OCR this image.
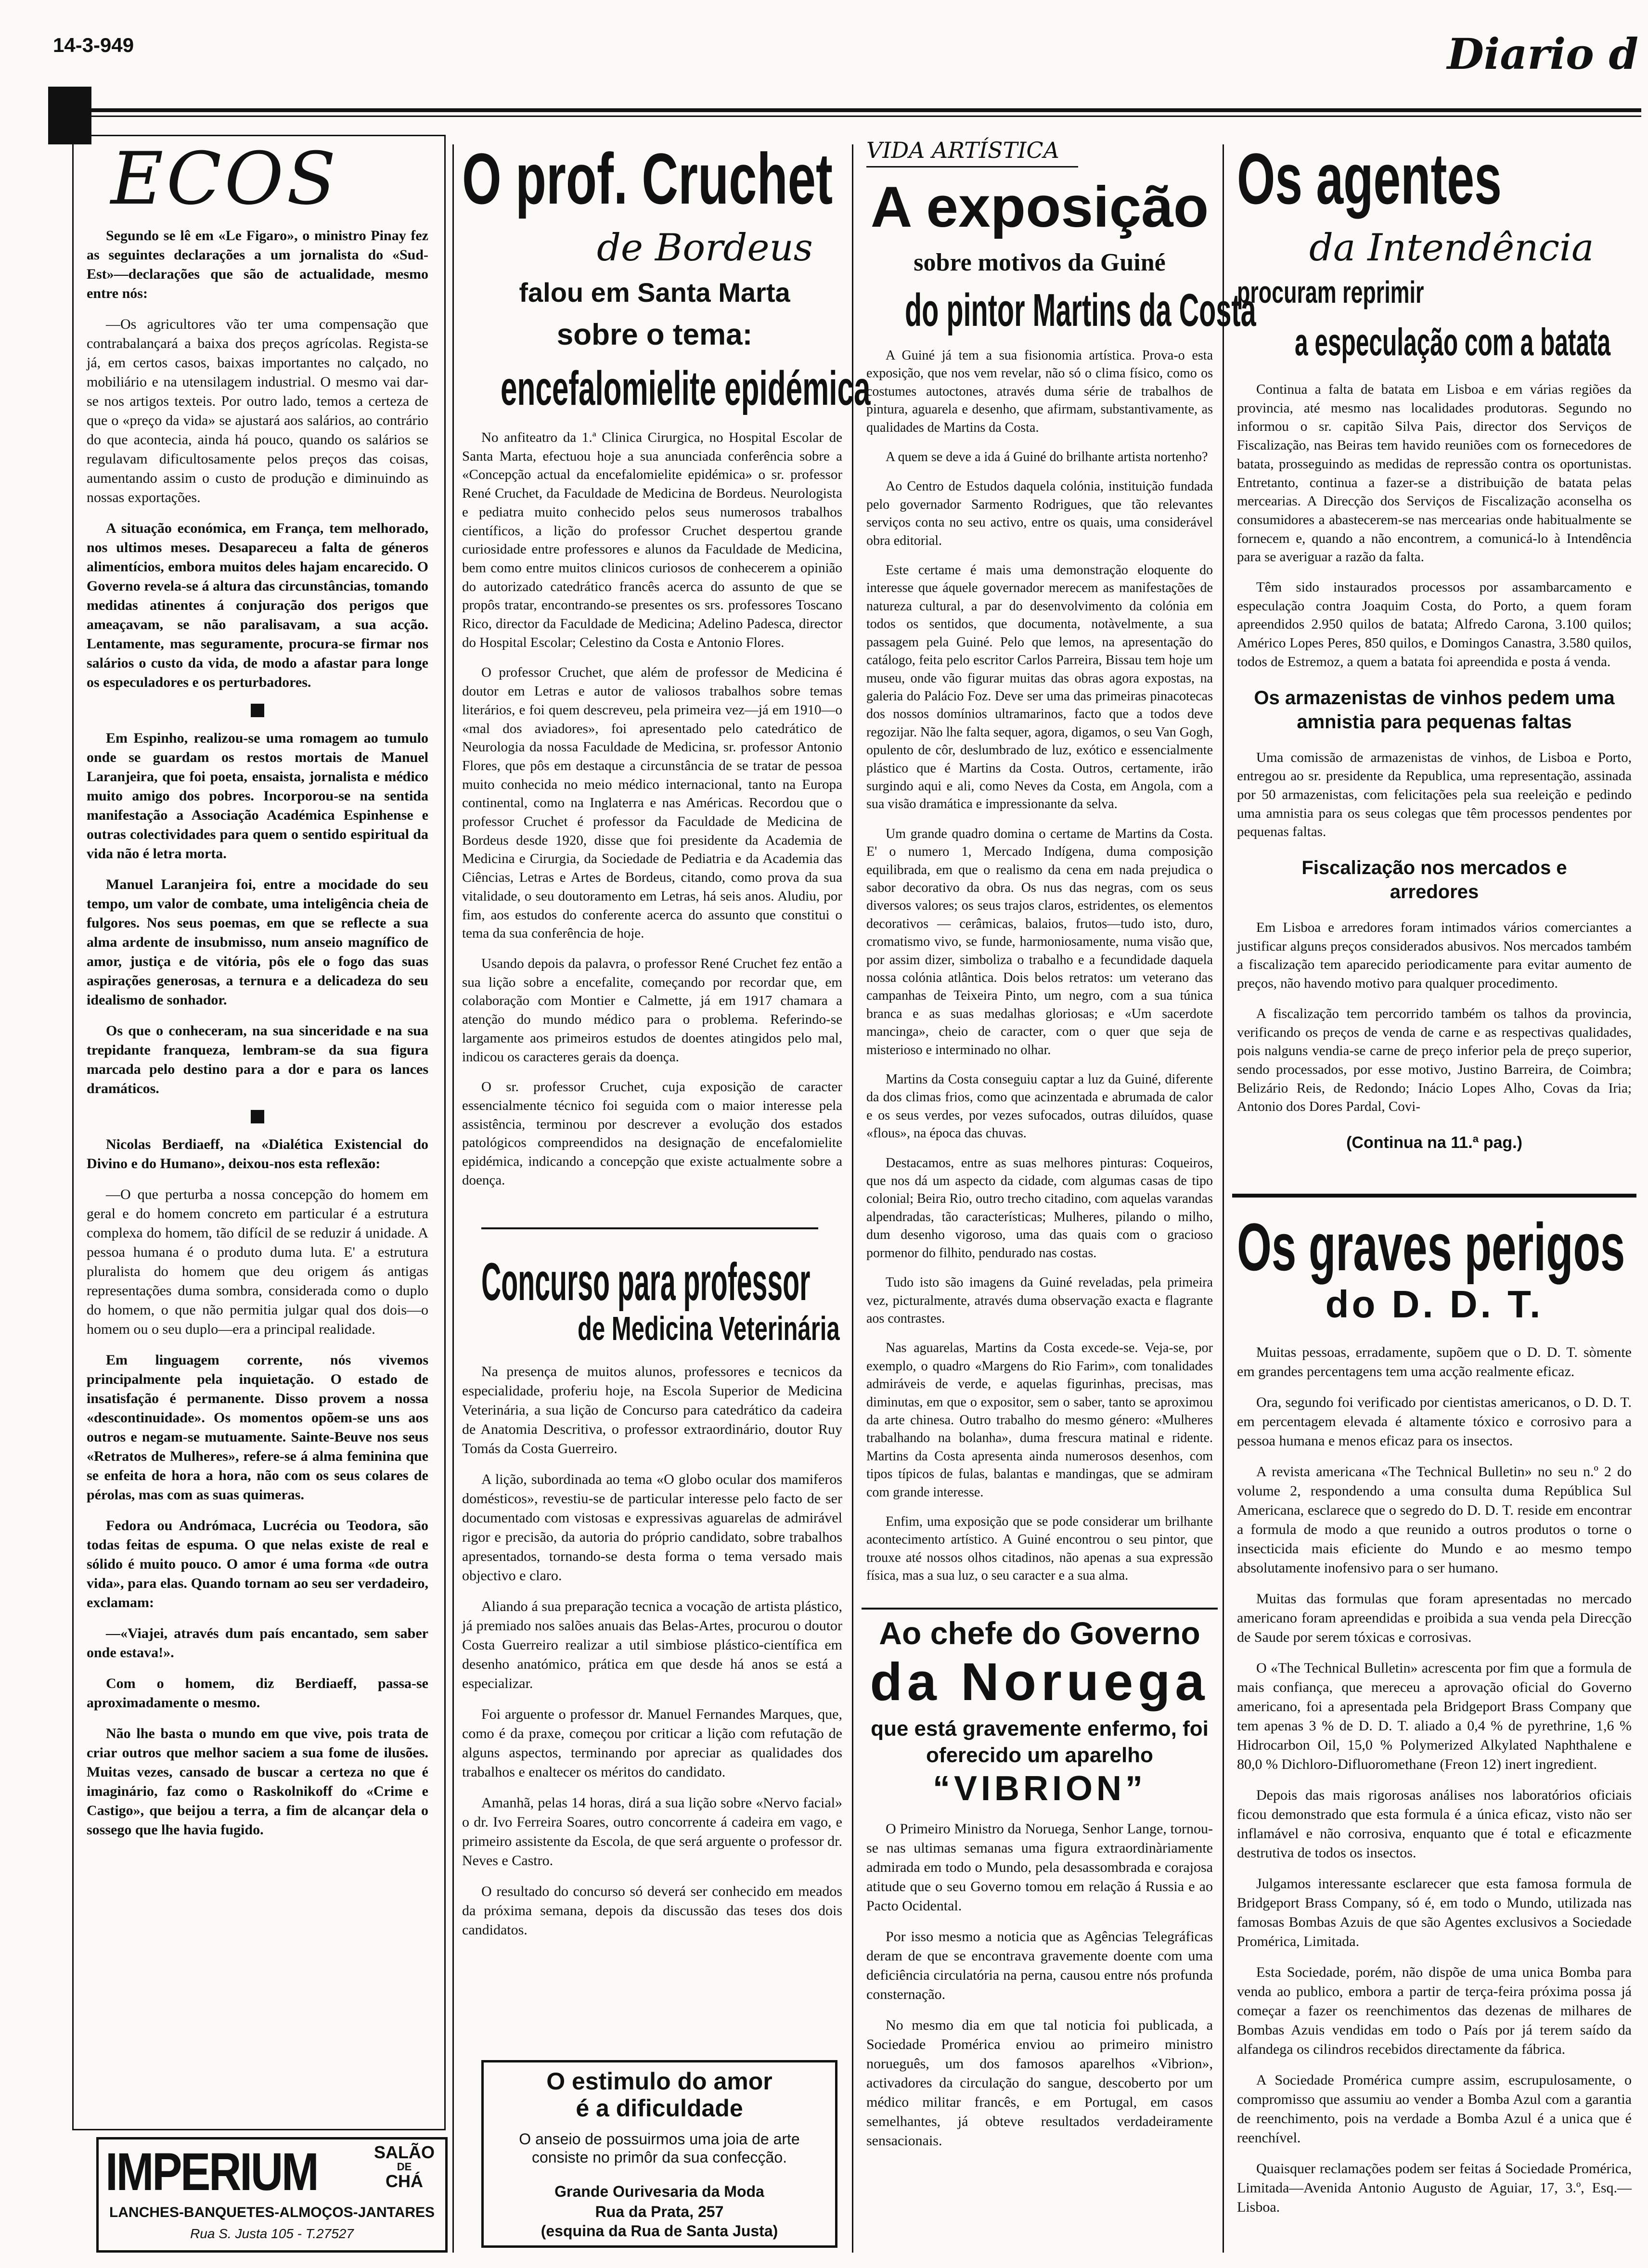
14-3-949	Diario d
ECOS

Segundo se lê em «Le Figaro», o ministro Pinay fez as seguintes declarações a um jornalista do «Sud-Est»—declarações que são de actualidade, mesmo entre nós:

—Os agricultores vão ter uma compensação que contrabalançará a baixa dos preços agrícolas. Regista-se já, em certos casos, baixas importantes no calçado, no mobiliário e na utensilagem industrial. O mesmo vai dar-se nos artigos texteis. Por outro lado, temos a certeza de que o «preço da vida» se ajustará aos salários, ao contrário do que acontecia, ainda há pouco, quando os salários se regulavam dificultosamente pelos preços das coisas, aumentando assim o custo de produção e diminuindo as nossas exportações.

A situação económica, em França, tem melhorado, nos ultimos meses. Desapareceu a falta de géneros alimentícios, embora muitos deles hajam encarecido. O Governo revela-se á altura das circunstâncias, tomando medidas atinentes á conjuração dos perigos que ameaçavam, se não paralisavam, a sua acção. Lentamente, mas seguramente, procura-se firmar nos salários o custo da vida, de modo a afastar para longe os especuladores e os perturbadores.

Em Espinho, realizou-se uma romagem ao tumulo onde se guardam os restos mortais de Manuel Laranjeira, que foi poeta, ensaista, jornalista e médico muito amigo dos pobres. Incorporou-se na sentida manifestação a Associação Académica Espinhense e outras colectividades para quem o sentido espiritual da vida não é letra morta.

Manuel Laranjeira foi, entre a mocidade do seu tempo, um valor de combate, uma inteligência cheia de fulgores. Nos seus poemas, em que se reflecte a sua alma ardente de insubmisso, num anseio magnífico de amor, justiça e de vitória, pôs ele o fogo das suas aspirações generosas, a ternura e a delicadeza do seu idealismo de sonhador.

Os que o conheceram, na sua sinceridade e na sua trepidante franqueza, lembram-se da sua figura marcada pelo destino para a dor e para os lances dramáticos.

Nicolas Berdiaeff, na «Dialética Existencial do Divino e do Humano», deixou-nos esta reflexão:

—O que perturba a nossa concepção do homem em geral e do homem concreto em particular é a estrutura complexa do homem, tão difícil de se reduzir á unidade. A pessoa humana é o produto duma luta. E' a estrutura pluralista do homem que deu origem ás antigas representações duma sombra, considerada como o duplo do homem, o que não permitia julgar qual dos dois—o homem ou o seu duplo—era a principal realidade.

Em linguagem corrente, nós vivemos principalmente pela inquietação. O estado de insatisfação é permanente. Disso provem a nossa «descontinuidade». Os momentos opõem-se uns aos outros e negam-se mutuamente. Sainte-Beuve nos seus «Retratos de Mulheres», refere-se á alma feminina que se enfeita de hora a hora, não com os seus colares de pérolas, mas com as suas quimeras.

Fedora ou Andrómaca, Lucrécia ou Teodora, são todas feitas de espuma. O que nelas existe de real e sólido é muito pouco. O amor é uma forma «de outra vida», para elas. Quando tornam ao seu ser verdadeiro, exclamam:

—«Viajei, através dum país encantado, sem saber onde estava!».

Com o homem, diz Berdiaeff, passa-se aproximadamente o mesmo.

Não lhe basta o mundo em que vive, pois trata de criar outros que melhor saciem a sua fome de ilusões. Muitas vezes, cansado de buscar a certeza no que é imaginário, faz como o Raskolnikoff do «Crime e Castigo», que beijou a terra, a fim de alcançar dela o sossego que lhe havia fugido.

IMPERIUM	SALÃO
DE
CHÁ
LANCHES-BANQUETES-ALMOÇOS-JANTARES
Rua S. Justa 105 - T.27527
O prof. Cruchet
de Bordeus
falou em Santa Marta
sobre o tema:
encefalomielite epidémica

No anfiteatro da 1.ª Clinica Cirurgica, no Hospital Escolar de Santa Marta, efectuou hoje a sua anunciada conferência sobre a «Concepção actual da encefalomielite epidémica» o sr. professor René Cruchet, da Faculdade de Medicina de Bordeus. Neurologista e pediatra muito conhecido pelos seus numerosos trabalhos científicos, a lição do professor Cruchet despertou grande curiosidade entre professores e alunos da Faculdade de Medicina, bem como entre muitos clinicos curiosos de conhecerem a opinião do autorizado catedrático francês acerca do assunto de que se propôs tratar, encontrando-se presentes os srs. professores Toscano Rico, director da Faculdade de Medicina; Adelino Padesca, director do Hospital Escolar; Celestino da Costa e Antonio Flores.

O professor Cruchet, que além de professor de Medicina é doutor em Letras e autor de valiosos trabalhos sobre temas literários, e foi quem descreveu, pela primeira vez—já em 1910—o «mal dos aviadores», foi apresentado pelo catedrático de Neurologia da nossa Faculdade de Medicina, sr. professor Antonio Flores, que pôs em destaque a circunstância de se tratar de pessoa muito conhecida no meio médico internacional, tanto na Europa continental, como na Inglaterra e nas Américas. Recordou que o professor Cruchet é professor da Faculdade de Medicina de Bordeus desde 1920, disse que foi presidente da Academia de Medicina e Cirurgia, da Sociedade de Pediatria e da Academia das Ciências, Letras e Artes de Bordeus, citando, como prova da sua vitalidade, o seu doutoramento em Letras, há seis anos. Aludiu, por fim, aos estudos do conferente acerca do assunto que constitui o tema da sua conferência de hoje.

Usando depois da palavra, o professor René Cruchet fez então a sua lição sobre a encefalite, começando por recordar que, em colaboração com Montier e Calmette, já em 1917 chamara a atenção do mundo médico para o problema. Referindo-se largamente aos primeiros estudos de doentes atingidos pelo mal, indicou os caracteres gerais da doença.

O sr. professor Cruchet, cuja exposição de caracter essencialmente técnico foi seguida com o maior interesse pela assistência, terminou por descrever a evolução dos estados patológicos compreendidos na designação de encefalomielite epidémica, indicando a concepção que existe actualmente sobre a doença.

Concurso para professor
de Medicina Veterinária

Na presença de muitos alunos, professores e tecnicos da especialidade, proferiu hoje, na Escola Superior de Medicina Veterinária, a sua lição de Concurso para catedrático da cadeira de Anatomia Descritiva, o professor extraordinário, doutor Ruy Tomás da Costa Guerreiro.

A lição, subordinada ao tema «O globo ocular dos mamiferos domésticos», revestiu-se de particular interesse pelo facto de ser documentado com vistosas e expressivas aguarelas de admirável rigor e precisão, da autoria do próprio candidato, sobre trabalhos apresentados, tornando-se desta forma o tema versado mais objectivo e claro.

Aliando á sua preparação tecnica a vocação de artista plástico, já premiado nos salões anuais das Belas-Artes, procurou o doutor Costa Guerreiro realizar a util simbiose plástico-científica em desenho anatómico, prática em que desde há anos se está a especializar.

Foi arguente o professor dr. Manuel Fernandes Marques, que, como é da praxe, começou por criticar a lição com refutação de alguns aspectos, terminando por apreciar as qualidades dos trabalhos e enaltecer os méritos do candidato.

Amanhã, pelas 14 horas, dirá a sua lição sobre «Nervo facial» o dr. Ivo Ferreira Soares, outro concorrente á cadeira em vago, e primeiro assistente da Escola, de que será arguente o professor dr. Neves e Castro.

O resultado do concurso só deverá ser conhecido em meados da próxima semana, depois da discussão das teses dos dois candidatos.

O estimulo do amor
é a dificuldade
O anseio de possuirmos uma joia de arte consiste no primôr da sua confecção.
Grande Ourivesaria da Moda
Rua da Prata, 257
(esquina da Rua de Santa Justa)
VIDA ARTÍSTICA
A exposição
sobre motivos da Guiné
do pintor Martins da Costa

A Guiné já tem a sua fisionomia artística. Prova-o esta exposição, que nos vem revelar, não só o clima físico, como os costumes autoctones, através duma série de trabalhos de pintura, aguarela e desenho, que afirmam, substantivamente, as qualidades de Martins da Costa.

A quem se deve a ida á Guiné do brilhante artista nortenho?

Ao Centro de Estudos daquela colónia, instituição fundada pelo governador Sarmento Rodrigues, que tão relevantes serviços conta no seu activo, entre os quais, uma considerável obra editorial.

Este certame é mais uma demonstração eloquente do interesse que áquele governador merecem as manifestações de natureza cultural, a par do desenvolvimento da colónia em todos os sentidos, que documenta, notàvelmente, a sua passagem pela Guiné. Pelo que lemos, na apresentação do catálogo, feita pelo escritor Carlos Parreira, Bissau tem hoje um museu, onde vão figurar muitas das obras agora expostas, na galeria do Palácio Foz. Deve ser uma das primeiras pinacotecas dos nossos domínios ultramarinos, facto que a todos deve regozijar. Não lhe falta sequer, agora, digamos, o seu Van Gogh, opulento de côr, deslumbrado de luz, exótico e essencialmente plástico que é Martins da Costa. Outros, certamente, irão surgindo aqui e ali, como Neves da Costa, em Angola, com a sua visão dramática e impressionante da selva.

Um grande quadro domina o certame de Martins da Costa. E' o numero 1, Mercado Indígena, duma composição equilibrada, em que o realismo da cena em nada prejudica o sabor decorativo da obra. Os nus das negras, com os seus diversos valores; os seus trajos claros, estridentes, os elementos decorativos — cerâmicas, balaios, frutos—tudo isto, duro, cromatismo vivo, se funde, harmoniosamente, numa visão que, por assim dizer, simboliza o trabalho e a fecundidade daquela nossa colónia atlântica. Dois belos retratos: um veterano das campanhas de Teixeira Pinto, um negro, com a sua túnica branca e as suas medalhas gloriosas; e «Um sacerdote mancinga», cheio de caracter, com o quer que seja de misterioso e interminado no olhar.

Martins da Costa conseguiu captar a luz da Guiné, diferente da dos climas frios, como que acinzentada e abrumada de calor e os seus verdes, por vezes sufocados, outras diluídos, quase «flous», na época das chuvas.

Destacamos, entre as suas melhores pinturas: Coqueiros, que nos dá um aspecto da cidade, com algumas casas de tipo colonial; Beira Rio, outro trecho citadino, com aquelas varandas alpendradas, tão características; Mulheres, pilando o milho, dum desenho vigoroso, uma das quais com o gracioso pormenor do filhito, pendurado nas costas.

Tudo isto são imagens da Guiné reveladas, pela primeira vez, picturalmente, através duma observação exacta e flagrante aos contrastes.

Nas aguarelas, Martins da Costa excede-se. Veja-se, por exemplo, o quadro «Margens do Rio Farim», com tonalidades admiráveis de verde, e aquelas figurinhas, precisas, mas diminutas, em que o expositor, sem o saber, tanto se aproximou da arte chinesa. Outro trabalho do mesmo género: «Mulheres trabalhando na bolanha», duma frescura matinal e ridente. Martins da Costa apresenta ainda numerosos desenhos, com tipos típicos de fulas, balantas e mandingas, que se admiram com grande interesse.

Enfim, uma exposição que se pode considerar um brilhante acontecimento artístico. A Guiné encontrou o seu pintor, que trouxe até nossos olhos citadinos, não apenas a sua expressão física, mas a sua luz, o seu caracter e a sua alma.

Ao chefe do Governo
da Noruega
que está gravemente enfermo, foi
oferecido um aparelho
“VIBRION”

O Primeiro Ministro da Noruega, Senhor Lange, tornou-se nas ultimas semanas uma figura extraordinàriamente admirada em todo o Mundo, pela desassombrada e corajosa atitude que o seu Governo tomou em relação á Russia e ao Pacto Ocidental.

Por isso mesmo a noticia que as Agências Telegráficas deram de que se encontrava gravemente doente com uma deficiência circulatória na perna, causou entre nós profunda consternação.

No mesmo dia em que tal noticia foi publicada, a Sociedade Promérica enviou ao primeiro ministro norueguês, um dos famosos aparelhos «Vibrion», activadores da circulação do sangue, descoberto por um médico militar francês, e em Portugal, em casos semelhantes, já obteve resultados verdadeiramente sensacionais.

Os agentes
da Intendência
procuram reprimir
a especulação com a batata

Continua a falta de batata em Lisboa e em várias regiões da provincia, até mesmo nas localidades produtoras. Segundo no informou o sr. capitão Silva Pais, director dos Serviços de Fiscalização, nas Beiras tem havido reuniões com os fornecedores de batata, prosseguindo as medidas de repressão contra os oportunistas. Entretanto, continua a fazer-se a distribuição de batata pelas mercearias. A Direcção dos Serviços de Fiscalização aconselha os consumidores a abastecerem-se nas mercearias onde habitualmente se fornecem e, quando a não encontrem, a comunicá-lo à Intendência para se averiguar a razão da falta.

Têm sido instaurados processos por assambarcamento e especulação contra Joaquim Costa, do Porto, a quem foram apreendidos 2.950 quilos de batata; Alfredo Carona, 3.100 quilos; Américo Lopes Peres, 850 quilos, e Domingos Canastra, 3.580 quilos, todos de Estremoz, a quem a batata foi apreendida e posta á venda.

Os armazenistas de vinhos pedem uma amnistia para pequenas faltas

Uma comissão de armazenistas de vinhos, de Lisboa e Porto, entregou ao sr. presidente da Republica, uma representação, assinada por 50 armazenistas, com felicitações pela sua reeleição e pedindo uma amnistia para os seus colegas que têm processos pendentes por pequenas faltas.

Fiscalização nos mercados e arredores

Em Lisboa e arredores foram intimados vários comerciantes a justificar alguns preços considerados abusivos. Nos mercados também a fiscalização tem aparecido periodicamente para evitar aumento de preços, não havendo motivo para qualquer procedimento.

A fiscalização tem percorrido também os talhos da provincia, verificando os preços de venda de carne e as respectivas qualidades, pois nalguns vendia-se carne de preço inferior pela de preço superior, sendo processados, por esse motivo, Justino Barreira, de Coimbra; Belizário Reis, de Redondo; Inácio Lopes Alho, Covas da Iria; Antonio dos Dores Pardal, Covi-

(Continua na 11.ª pag.)
Os graves perigos
do D. D. T.

Muitas pessoas, erradamente, supõem que o D. D. T. sòmente em grandes percentagens tem uma acção realmente eficaz.

Ora, segundo foi verificado por cientistas americanos, o D. D. T. em percentagem elevada é altamente tóxico e corrosivo para a pessoa humana e menos eficaz para os insectos.

A revista americana «The Technical Bulletin» no seu n.º 2 do volume 2, respondendo a uma consulta duma República Sul Americana, esclarece que o segredo do D. D. T. reside em encontrar a formula de modo a que reunido a outros produtos o torne o insecticida mais eficiente do Mundo e ao mesmo tempo absolutamente inofensivo para o ser humano.

Muitas das formulas que foram apresentadas no mercado americano foram apreendidas e proibida a sua venda pela Direcção de Saude por serem tóxicas e corrosivas.

O «The Technical Bulletin» acrescenta por fim que a formula de mais confiança, que mereceu a aprovação oficial do Governo americano, foi a apresentada pela Bridgeport Brass Company que tem apenas 3 % de D. D. T. aliado a 0,4 % de pyrethrine, 1,6 % Hidrocarbon Oil, 15,0 % Polymerized Alkylated Naphthalene e 80,0 % Dichloro-Difluoromethane (Freon 12) inert ingredient.

Depois das mais rigorosas análises nos laboratórios oficiais ficou demonstrado que esta formula é a única eficaz, visto não ser inflamável e não corrosiva, enquanto que é total e eficazmente destrutiva de todos os insectos.

Julgamos interessante esclarecer que esta famosa formula de Bridgeport Brass Company, só é, em todo o Mundo, utilizada nas famosas Bombas Azuis de que são Agentes exclusivos a Sociedade Promérica, Limitada.

Esta Sociedade, porém, não dispõe de uma unica Bomba para venda ao publico, embora a partir de terça-feira próxima possa já começar a fazer os reenchimentos das dezenas de milhares de Bombas Azuis vendidas em todo o País por já terem saído da alfandega os cilindros recebidos directamente da fábrica.

A Sociedade Promérica cumpre assim, escrupulosamente, o compromisso que assumiu ao vender a Bomba Azul com a garantia de reenchimento, pois na verdade a Bomba Azul é a unica que é reenchível.

Quaisquer reclamações podem ser feitas á Sociedade Promérica, Limitada—Avenida Antonio Augusto de Aguiar, 17, 3.º, Esq.—Lisboa.
